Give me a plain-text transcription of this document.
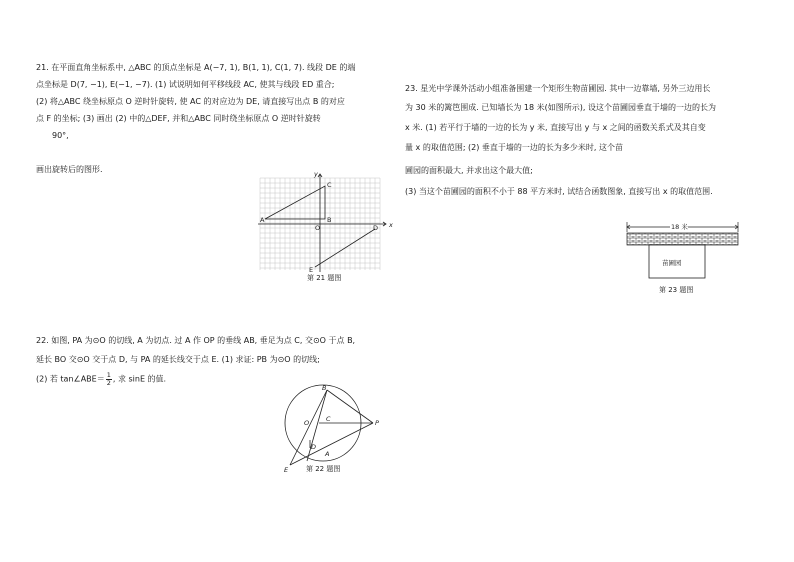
21. 在平面直角坐标系中, △ABC 的顶点坐标是 A(−7, 1), B(1, 1), C(1, 7). 线段 DE 的端

点坐标是 D(7, −1), E(−1, −7). (1) 试说明如何平移线段 AC, 使其与线段 ED 重合;

(2) 将△ABC 绕坐标原点 O 逆时针旋转, 使 AC 的对应边为 DE, 请直接写出点 B 的对应

点 F 的坐标; (3) 画出 (2) 中的△DEF, 并和△ABC 同时绕坐标原点 O 逆时针旋转

90°,

画出旋转后的图形.

x
y
A	B
C
O	D
E

第 21 题图

22. 如图, PA 为⊙O 的切线, A 为切点. 过 A 作 OP 的垂线 AB, 垂足为点 C, 交⊙O 于点 B,

延长 BO 交⊙O 交于点 D, 与 PA 的延长线交于点 E. (1) 求证: PB 为⊙O 的切线;

(2) 若 tan∠ABE＝ $\frac{1}{2}$ , 求 sinE 的值.
B
O	C
D
P
A
E	第 22 题图

23. 星光中学课外活动小组准备围建一个矩形生物苗圃园. 其中一边靠墙, 另外三边用长

为 30 米的篱笆围成. 已知墙长为 18 米(如图所示), 设这个苗圃园垂直于墙的一边的长为

x 米. (1) 若平行于墙的一边的长为 y 米, 直接写出 y 与 x 之间的函数关系式及其自变

量 x 的取值范围; (2) 垂直于墙的一边的长为多少米时, 这个苗

圃园的面积最大, 并求出这个最大值;

(3) 当这个苗圃园的面积不小于 88 平方米时, 试结合函数图象, 直接写出 x 的取值范围.

18 米
苗圃园

第 23 题图
